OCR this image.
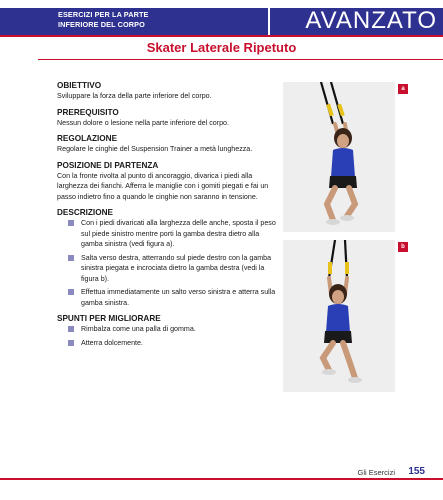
ESERCIZI PER LA PARTE
INFERIORE DEL CORPO	AVANZATO
Skater Laterale Ripetuto
OBIETTIVO
Sviluppare la forza della parte inferiore del corpo.
PREREQUISITO
Nessun dolore o lesione nella parte inferiore del corpo.
REGOLAZIONE
Regolare le cinghie del Suspension Trainer a metà lunghezza.
POSIZIONE DI PARTENZA
Con la fronte rivolta al punto di ancoraggio, divarica i piedi alla larghezza dei fianchi. Afferra le maniglie con i gomiti piegati e fai un passo indietro fino a quando le cinghie non saranno in tensione.
DESCRIZIONE
Con i piedi divaricati alla larghezza delle anche, sposta il peso sul piede sinistro mentre porti la gamba destra dietro alla gamba sinistra (vedi figura a).
Salta verso destra, atterrando sul piede destro con la gamba sinistra piegata e incrociata dietro la gamba destra (vedi la figura b).
Effettua immediatamente un salto verso sinistra e atterra sulla gamba sinistra.
SPUNTI PER MIGLIORARE
Rimbalza come una palla di gomma.
Atterra dolcemente.
a
b
Gli Esercizi 155
